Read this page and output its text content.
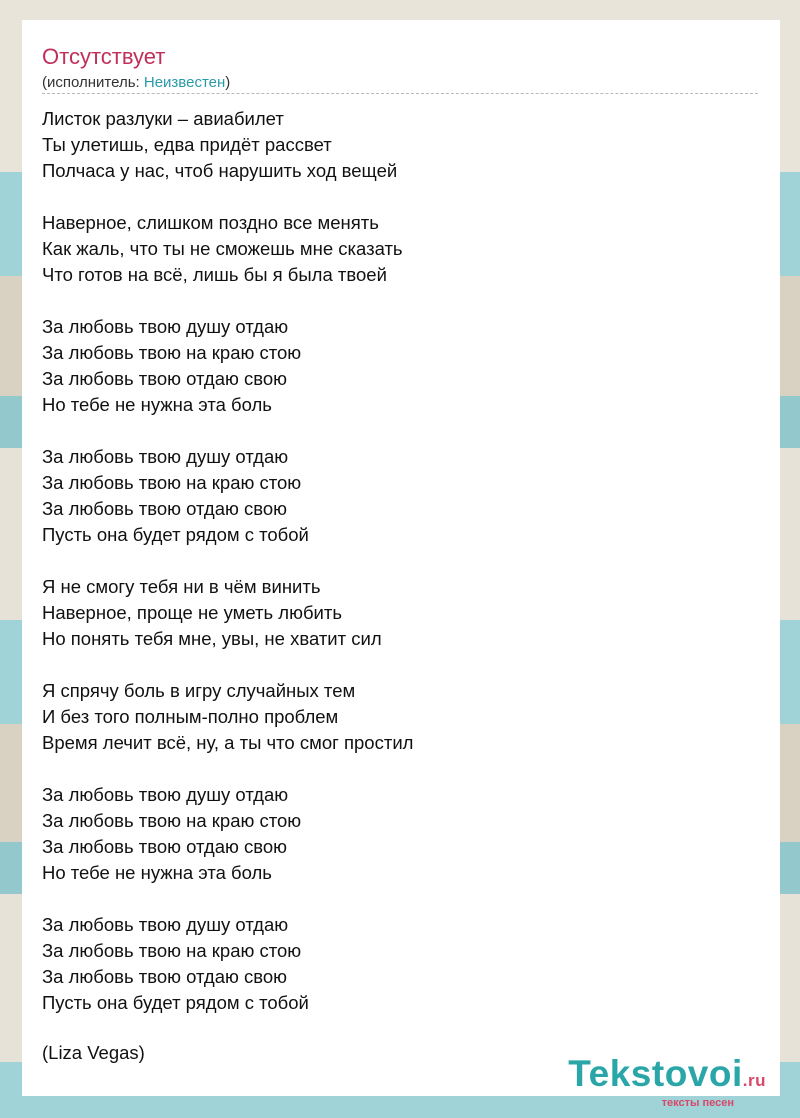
Отсутствует
(исполнитель: Неизвестен)
Листок разлуки – авиабилет
Ты улетишь, едва придёт рассвет
Полчаса у нас, чтоб нарушить ход вещей
Наверное, слишком поздно все менять
Как жаль, что ты не сможешь мне сказать
Что готов на всё, лишь бы я была твоей
За любовь твою душу отдаю
За любовь твою на краю стою
За любовь твою отдаю свою
Но тебе не нужна эта боль
За любовь твою душу отдаю
За любовь твою на краю стою
За любовь твою отдаю свою
Пусть она будет рядом с тобой
Я не смогу тебя ни в чём винить
Наверное, проще не уметь любить
Но понять тебя мне, увы, не хватит сил
Я спрячу боль в игру случайных тем
И без того полным-полно проблем
Время лечит всё, ну, а ты что смог простил
За любовь твою душу отдаю
За любовь твою на краю стою
За любовь твою отдаю свою
Но тебе не нужна эта боль
За любовь твою душу отдаю
За любовь твою на краю стою
За любовь твою отдаю свою
Пусть она будет рядом с тобой
(Liza Vegas)
Tekstovoi.ru
тексты песен
